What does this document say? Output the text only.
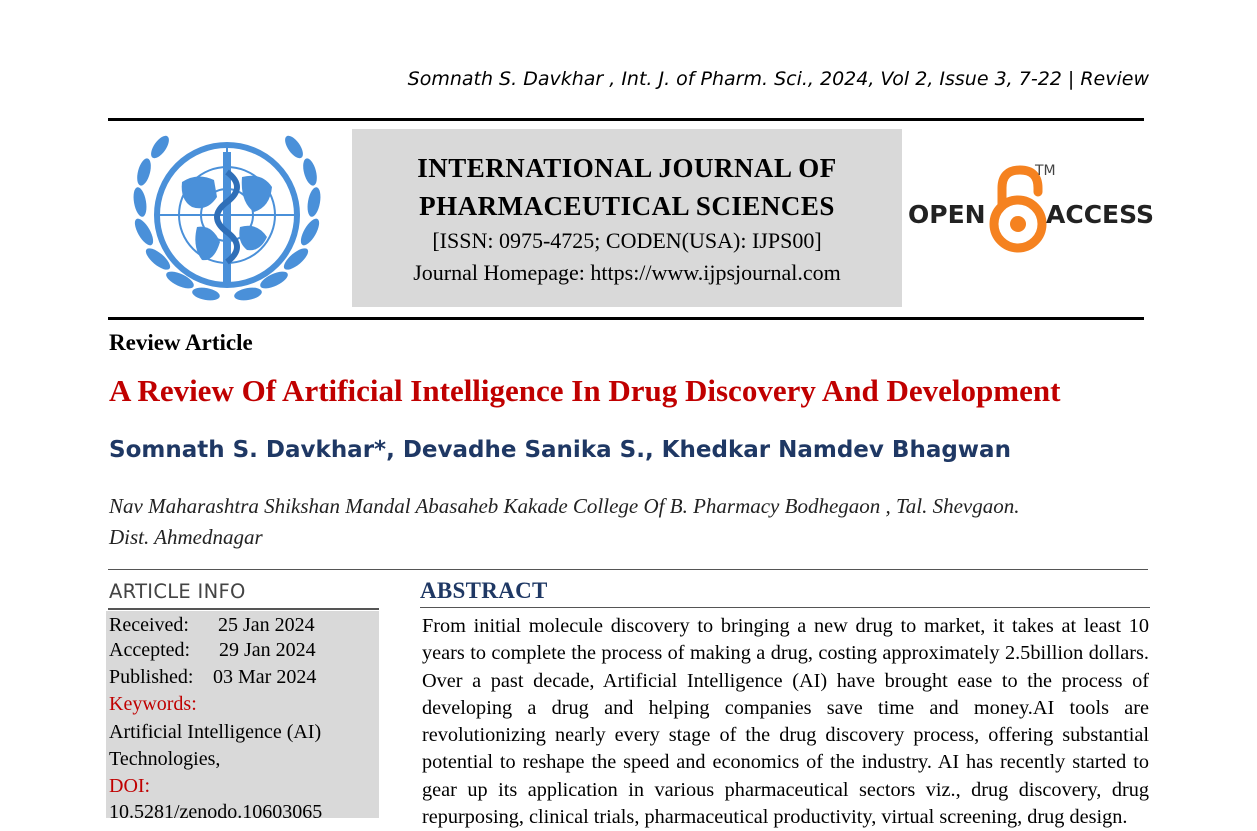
Somnath S. Davkhar , Int. J. of Pharm. Sci., 2024, Vol 2, Issue 3, 7-22 | Review
INTERNATIONAL JOURNAL OF
PHARMACEUTICAL SCIENCES
[ISSN: 0975-4725; CODEN(USA): IJPS00]
Journal Homepage: https://www.ijpsjournal.com
OPEN
TM
ACCESS
Review Article
A Review Of Artificial Intelligence In Drug Discovery And Development
Somnath S. Davkhar*, Devadhe Sanika S., Khedkar Namdev Bhagwan
Nav Maharashtra Shikshan Mandal Abasaheb Kakade College Of B. Pharmacy Bodhegaon , Tal. Shevgaon.
Dist. Ahmednagar
ARTICLE INFO
Received: 25 Jan 2024
Accepted: 29 Jan 2024
Published: 03 Mar 2024
Keywords:
Artificial Intelligence (AI)
Technologies,
DOI:
10.5281/zenodo.10603065
ABSTRACT
From initial molecule discovery to bringing a new drug to market, it takes at least 10 years to complete the process of making a drug, costing approximately 2.5billion dollars. Over a past decade, Artificial Intelligence (AI) have brought ease to the process of developing a drug and helping companies save time and money.AI tools are revolutionizing nearly every stage of the drug discovery process, offering substantial potential to reshape the speed and economics of the industry. AI has recently started to gear up its application in various pharmaceutical sectors viz., drug discovery, drug repurposing, clinical trials, pharmaceutical productivity, virtual screening, drug design.
